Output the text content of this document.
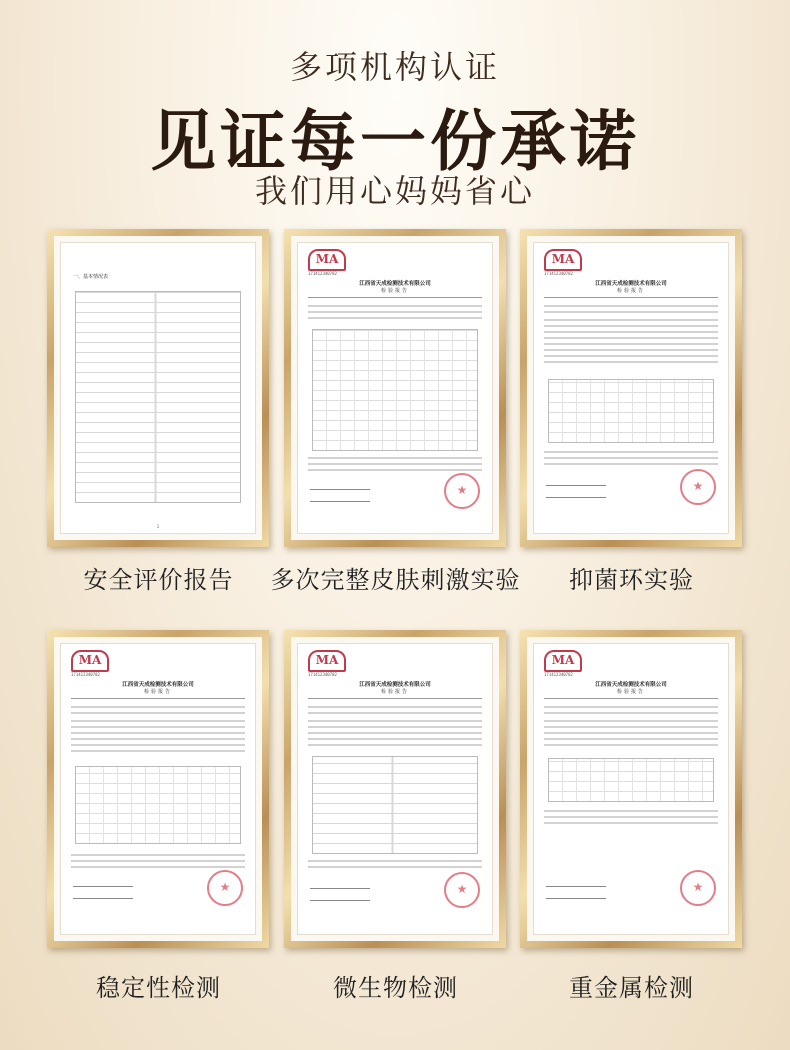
多项机构认证
见证每一份承诺
我们用心妈妈省心
一、基本情况表
1
MA
171412340782
江西省天成检测技术有限公司
检验报告
★
MA
171412340782
江西省天成检测技术有限公司
检验报告
★
MA
171412340782
江西省天成检测技术有限公司
检验报告
★
MA
171412340782
江西省天成检测技术有限公司
检验报告
★
MA
171412340782
江西省天成检测技术有限公司
检验报告
★
安全评价报告	多次完整皮肤刺激实验	抑菌环实验
稳定性检测	微生物检测	重金属检测
